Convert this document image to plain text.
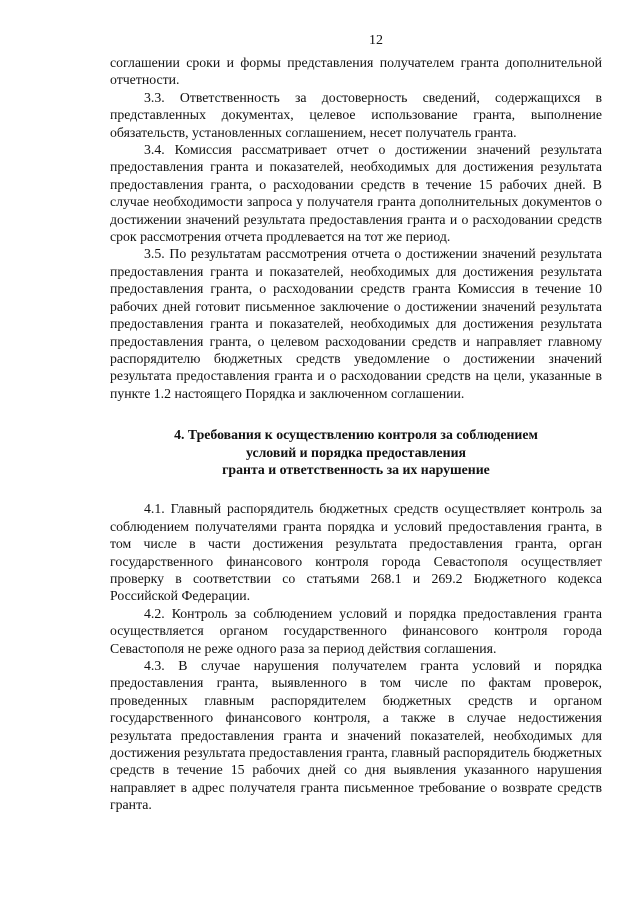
12

соглашении сроки и формы представления получателем гранта дополнительной отчетности.

3.3. Ответственность за достоверность сведений, содержащихся в представленных документах, целевое использование гранта, выполнение обязательств, установленных соглашением, несет получатель гранта.

3.4. Комиссия рассматривает отчет о достижении значений результата предоставления гранта и показателей, необходимых для достижения результата предоставления гранта, о расходовании средств в течение 15 рабочих дней. В случае необходимости запроса у получателя гранта дополнительных документов о достижении значений результата предоставления гранта и о расходовании средств срок рассмотрения отчета продлевается на тот же период.

3.5. По результатам рассмотрения отчета о достижении значений результата предоставления гранта и показателей, необходимых для достижения результата предоставления гранта, о расходовании средств гранта Комиссия в течение 10 рабочих дней готовит письменное заключение о достижении значений результата предоставления гранта и показателей, необходимых для достижения результата предоставления гранта, о целевом расходовании средств и направляет главному распорядителю бюджетных средств уведомление о достижении значений результата предоставления гранта и о расходовании средств на цели, указанные в пункте 1.2 настоящего Порядка и заключенном соглашении.

4. Требования к осуществлению контроля за соблюдением
условий и порядка предоставления
гранта и ответственность за их нарушение

4.1. Главный распорядитель бюджетных средств осуществляет контроль за соблюдением получателями гранта порядка и условий предоставления гранта, в том числе в части достижения результата предоставления гранта, орган государственного финансового контроля города Севастополя осуществляет проверку в соответствии со статьями 268.1 и 269.2 Бюджетного кодекса Российской Федерации.

4.2. Контроль за соблюдением условий и порядка предоставления гранта осуществляется органом государственного финансового контроля города Севастополя не реже одного раза за период действия соглашения.

4.3. В случае нарушения получателем гранта условий и порядка предоставления гранта, выявленного в том числе по фактам проверок, проведенных главным распорядителем бюджетных средств и органом государственного финансового контроля, а также в случае недостижения результата предоставления гранта и значений показателей, необходимых для достижения результата предоставления гранта, главный распорядитель бюджетных средств в течение 15 рабочих дней со дня выявления указанного нарушения направляет в адрес получателя гранта письменное требование о возврате средств гранта.
